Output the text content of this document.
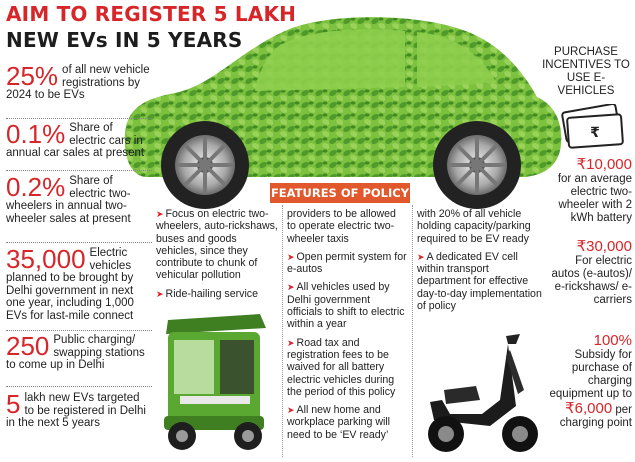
AIM TO REGISTER 5 LAKH
NEW EVs IN 5 YEARS
25% of all new vehicle registrations by 2024 to be EVs
0.1% Share of electric cars in annual car sales at present
0.2% Share of electric two-wheelers in annual two-wheeler sales at present
35,000 Electric vehicles planned to be brought by Delhi government in next one year, including 1,000 EVs for last-mile connect
250 Public charging/ swapping stations to come up in Delhi
5 lakh new EVs targeted to be registered in Delhi in the next 5 years
FEATURES OF POLICY

➤ Focus on electric two-wheelers, auto-rickshaws, buses and goods vehicles, since they contribute to chunk of vehicular pollution

➤ Ride-hailing service

providers to be allowed to operate electric two-wheeler taxis

➤ Open permit system for e-autos

➤ All vehicles used by Delhi government officials to shift to electric within a year

➤ Road tax and registration fees to be waived for all battery electric vehicles during the period of this policy

➤ All new home and workplace parking will need to be ‘EV ready’

with 20% of all vehicle holding capacity/parking required to be EV ready

➤ A dedicated EV cell within transport department for effective day-to-day implementation of policy

PURCHASE INCENTIVES TO USE E-VEHICLES
₹
₹10,000
for an average electric two-wheeler with 2 kWh battery
₹30,000
For electric autos (e-autos)/ e-rickshaws/ e-carriers
100%
Subsidy for purchase of charging equipment up to ₹6,000 per charging point
